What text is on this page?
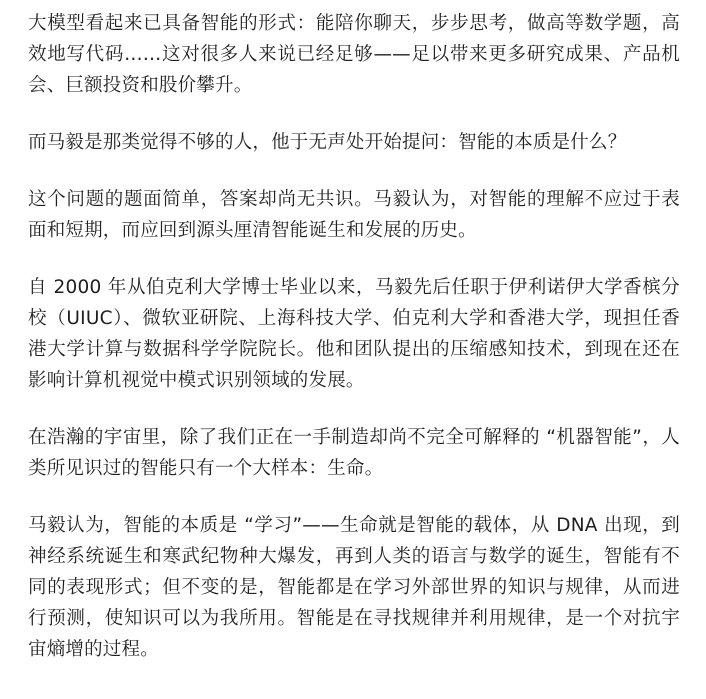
大模型看起来已具备智能的形式：能陪你聊天，步步思考，做高等数学题，高效地写代码……这对很多人来说已经足够——足以带来更多研究成果、产品机会、巨额投资和股价攀升。

而马毅是那类觉得不够的人，他于无声处开始提问：智能的本质是什么？

这个问题的题面简单，答案却尚无共识。马毅认为，对智能的理解不应过于表面和短期，而应回到源头厘清智能诞生和发展的历史。

自 2000 年从伯克利大学博士毕业以来，马毅先后任职于伊利诺伊大学香槟分校（UIUC）、微软亚研院、上海科技大学、伯克利大学和香港大学，现担任香港大学计算与数据科学学院院长。他和团队提出的压缩感知技术，到现在还在影响计算机视觉中模式识别领域的发展。

在浩瀚的宇宙里，除了我们正在一手制造却尚不完全可解释的 “机器智能”，人类所见识过的智能只有一个大样本：生命。

马毅认为，智能的本质是 “学习”——生命就是智能的载体，从 DNA 出现，到神经系统诞生和寒武纪物种大爆发，再到人类的语言与数学的诞生，智能有不同的表现形式；但不变的是，智能都是在学习外部世界的知识与规律，从而进行预测，使知识可以为我所用。智能是在寻找规律并利用规律，是一个对抗宇宙熵增的过程。
